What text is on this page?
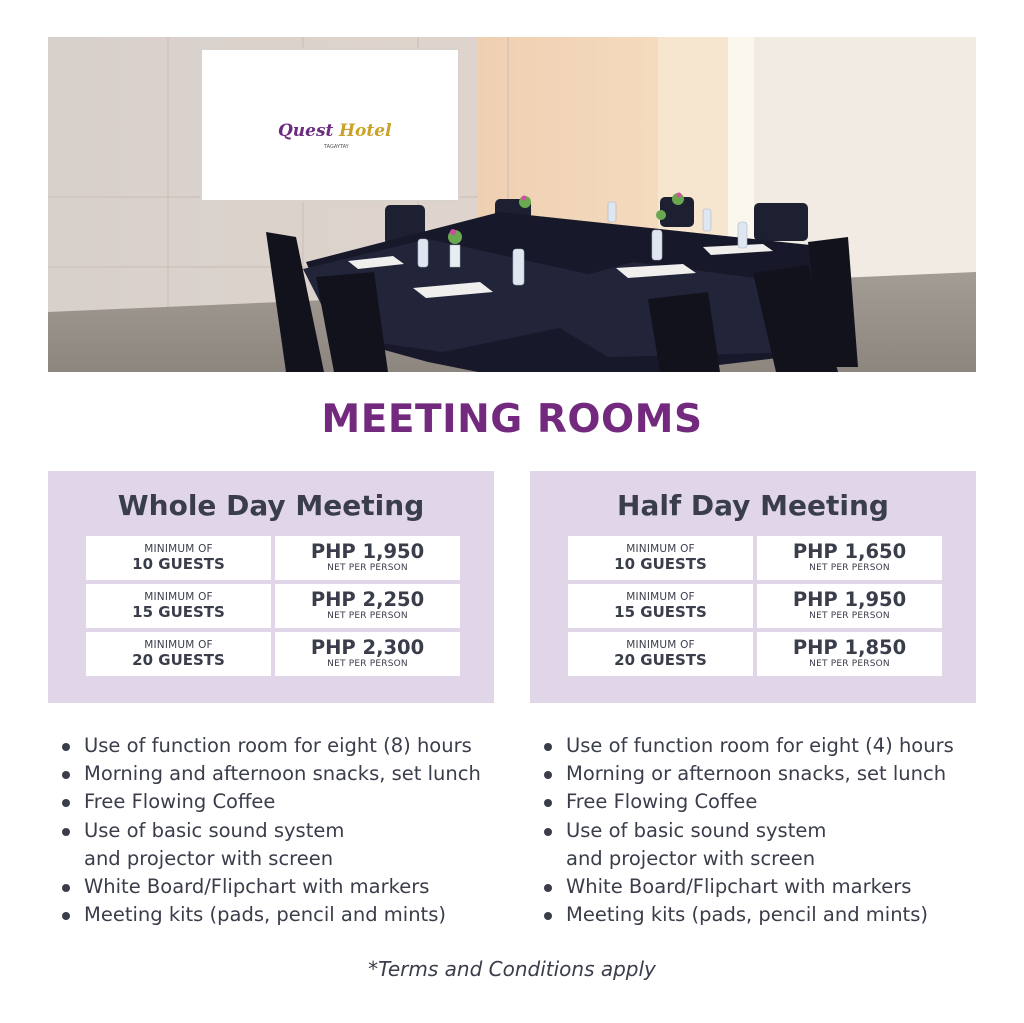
Quest Hotel
TAGAYTAY
MEETING ROOMS
Whole Day Meeting
MINIMUM OF
10 GUESTS
PHP 1,950
NET PER PERSON
MINIMUM OF
15 GUESTS
PHP 2,250
NET PER PERSON
MINIMUM OF
20 GUESTS
PHP 2,300
NET PER PERSON
Half Day Meeting
MINIMUM OF
10 GUESTS
PHP 1,650
NET PER PERSON
MINIMUM OF
15 GUESTS
PHP 1,950
NET PER PERSON
MINIMUM OF
20 GUESTS
PHP 1,850
NET PER PERSON
Use of function room for eight (8) hours
Morning and afternoon snacks, set lunch
Free Flowing Coffee
Use of basic sound system
and projector with screen
White Board/Flipchart with markers
Meeting kits (pads, pencil and mints)
Use of function room for eight (4) hours
Morning or afternoon snacks, set lunch
Free Flowing Coffee
Use of basic sound system
and projector with screen
White Board/Flipchart with markers
Meeting kits (pads, pencil and mints)
*Terms and Conditions apply
